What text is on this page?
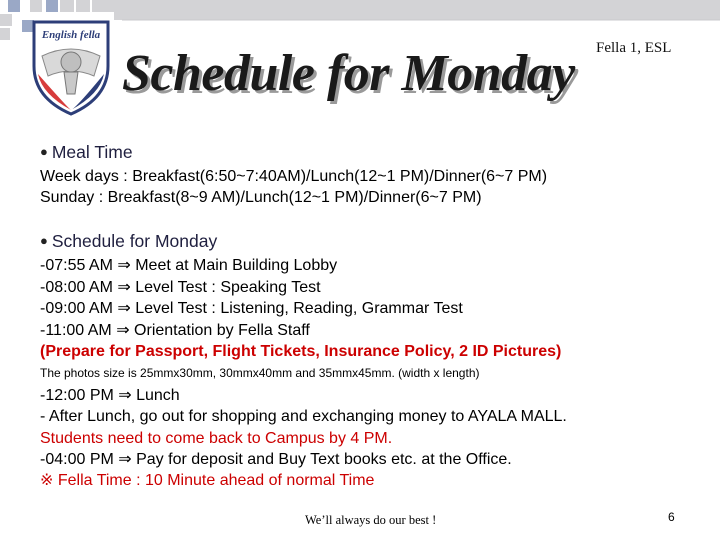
English fella
Schedule for Monday Fella 1, ESL
● Meal Time
Week days : Breakfast(6:50~7:40AM)/Lunch(12~1 PM)/Dinner(6~7 PM)
Sunday : Breakfast(8~9 AM)/Lunch(12~1 PM)/Dinner(6~7 PM)
● Schedule for Monday
-07:55 AM ⇒ Meet at Main Building Lobby
-08:00 AM ⇒ Level Test : Speaking Test
-09:00 AM ⇒ Level Test : Listening, Reading, Grammar Test
-11:00 AM ⇒ Orientation by Fella Staff
(Prepare for Passport, Flight Tickets, Insurance Policy, 2 ID Pictures)
The photos size is 25mmx30mm, 30mmx40mm and 35mmx45mm. (width x length)
-12:00 PM ⇒ Lunch
- After Lunch, go out for shopping and exchanging money to AYALA MALL.
Students need to come back to Campus by 4 PM.
-04:00 PM ⇒ Pay for deposit and Buy Text books etc. at the Office.
※ Fella Time : 10 Minute ahead of normal Time
We’ll always do our best !	6
